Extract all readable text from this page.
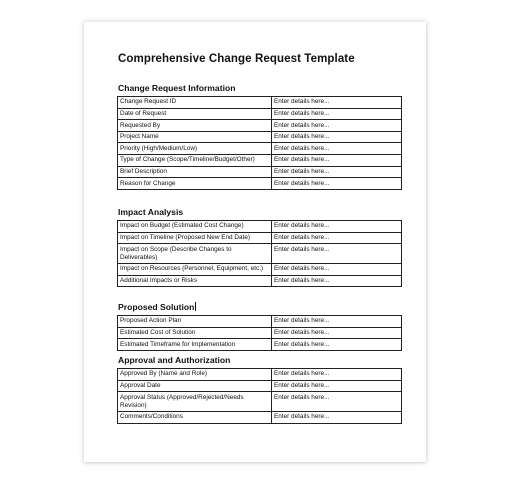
Comprehensive Change Request Template
Change Request Information
Change Request ID	Enter details here...
Date of Request	Enter details here...
Requested By	Enter details here...
Project Name	Enter details here...
Priority (High/Medium/Low)	Enter details here...
Type of Change (Scope/Timeline/Budget/Other)	Enter details here...
Brief Description	Enter details here...
Reason for Change	Enter details here...
Impact Analysis
Impact on Budget (Estimated Cost Change)	Enter details here...
Impact on Timeline (Proposed New End Date)	Enter details here...
Impact on Scope (Describe Changes to Deliverables)	Enter details here...
Impact on Resources (Personnel, Equipment, etc.)	Enter details here...
Additional Impacts or Risks	Enter details here...
Proposed Solution
Proposed Action Plan	Enter details here...
Estimated Cost of Solution	Enter details here...
Estimated Timeframe for Implementation	Enter details here...
Approval and Authorization
Approved By (Name and Role)	Enter details here...
Approval Date	Enter details here...
Approval Status (Approved/Rejected/Needs Revision)	Enter details here...
Comments/Conditions	Enter details here...
